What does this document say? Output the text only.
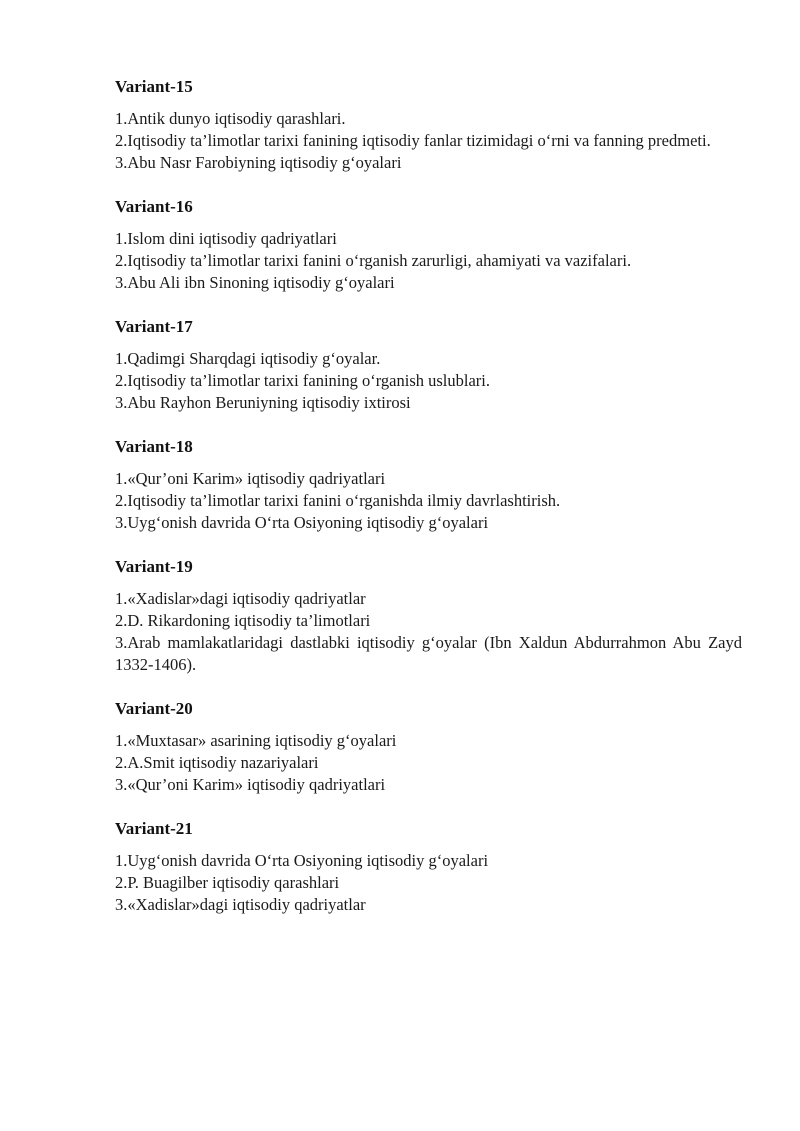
Variant-15
1.Antik dunyo iqtisodiy qarashlari.
2.Iqtisodiy ta’limotlar tarixi fanining iqtisodiy fanlar tizimidagi o‘rni va fanning predmeti.
3.Abu Nasr Farobiyning iqtisodiy g‘oyalari
Variant-16
1.Islom dini iqtisodiy qadriyatlari
2.Iqtisodiy ta’limotlar tarixi fanini o‘rganish zarurligi, ahamiyati va vazifalari.
3.Abu Ali ibn Sinoning iqtisodiy g‘oyalari
Variant-17
1.Qadimgi Sharqdagi iqtisodiy g‘oyalar.
2.Iqtisodiy ta’limotlar tarixi fanining o‘rganish uslublari.
3.Abu Rayhon Beruniyning iqtisodiy ixtirosi
Variant-18
1.«Qur’oni Karim» iqtisodiy qadriyatlari
2.Iqtisodiy ta’limotlar tarixi fanini o‘rganishda ilmiy davrlashtirish.
3.Uyg‘onish davrida O‘rta Osiyoning iqtisodiy g‘oyalari
Variant-19
1.«Xadislar»dagi iqtisodiy qadriyatlar
2.D. Rikardoning iqtisodiy ta’limotlari
3.Arab mamlakatlaridagi dastlabki iqtisodiy g‘oyalar (Ibn Xaldun Abdurrahmon Abu Zayd 1332-1406).
Variant-20
1.«Muxtasar» asarining iqtisodiy g‘oyalari
2.A.Smit iqtisodiy nazariyalari
3.«Qur’oni Karim» iqtisodiy qadriyatlari
Variant-21
1.Uyg‘onish davrida O‘rta Osiyoning iqtisodiy g‘oyalari
2.P. Buagilber iqtisodiy qarashlari
3.«Xadislar»dagi iqtisodiy qadriyatlar
